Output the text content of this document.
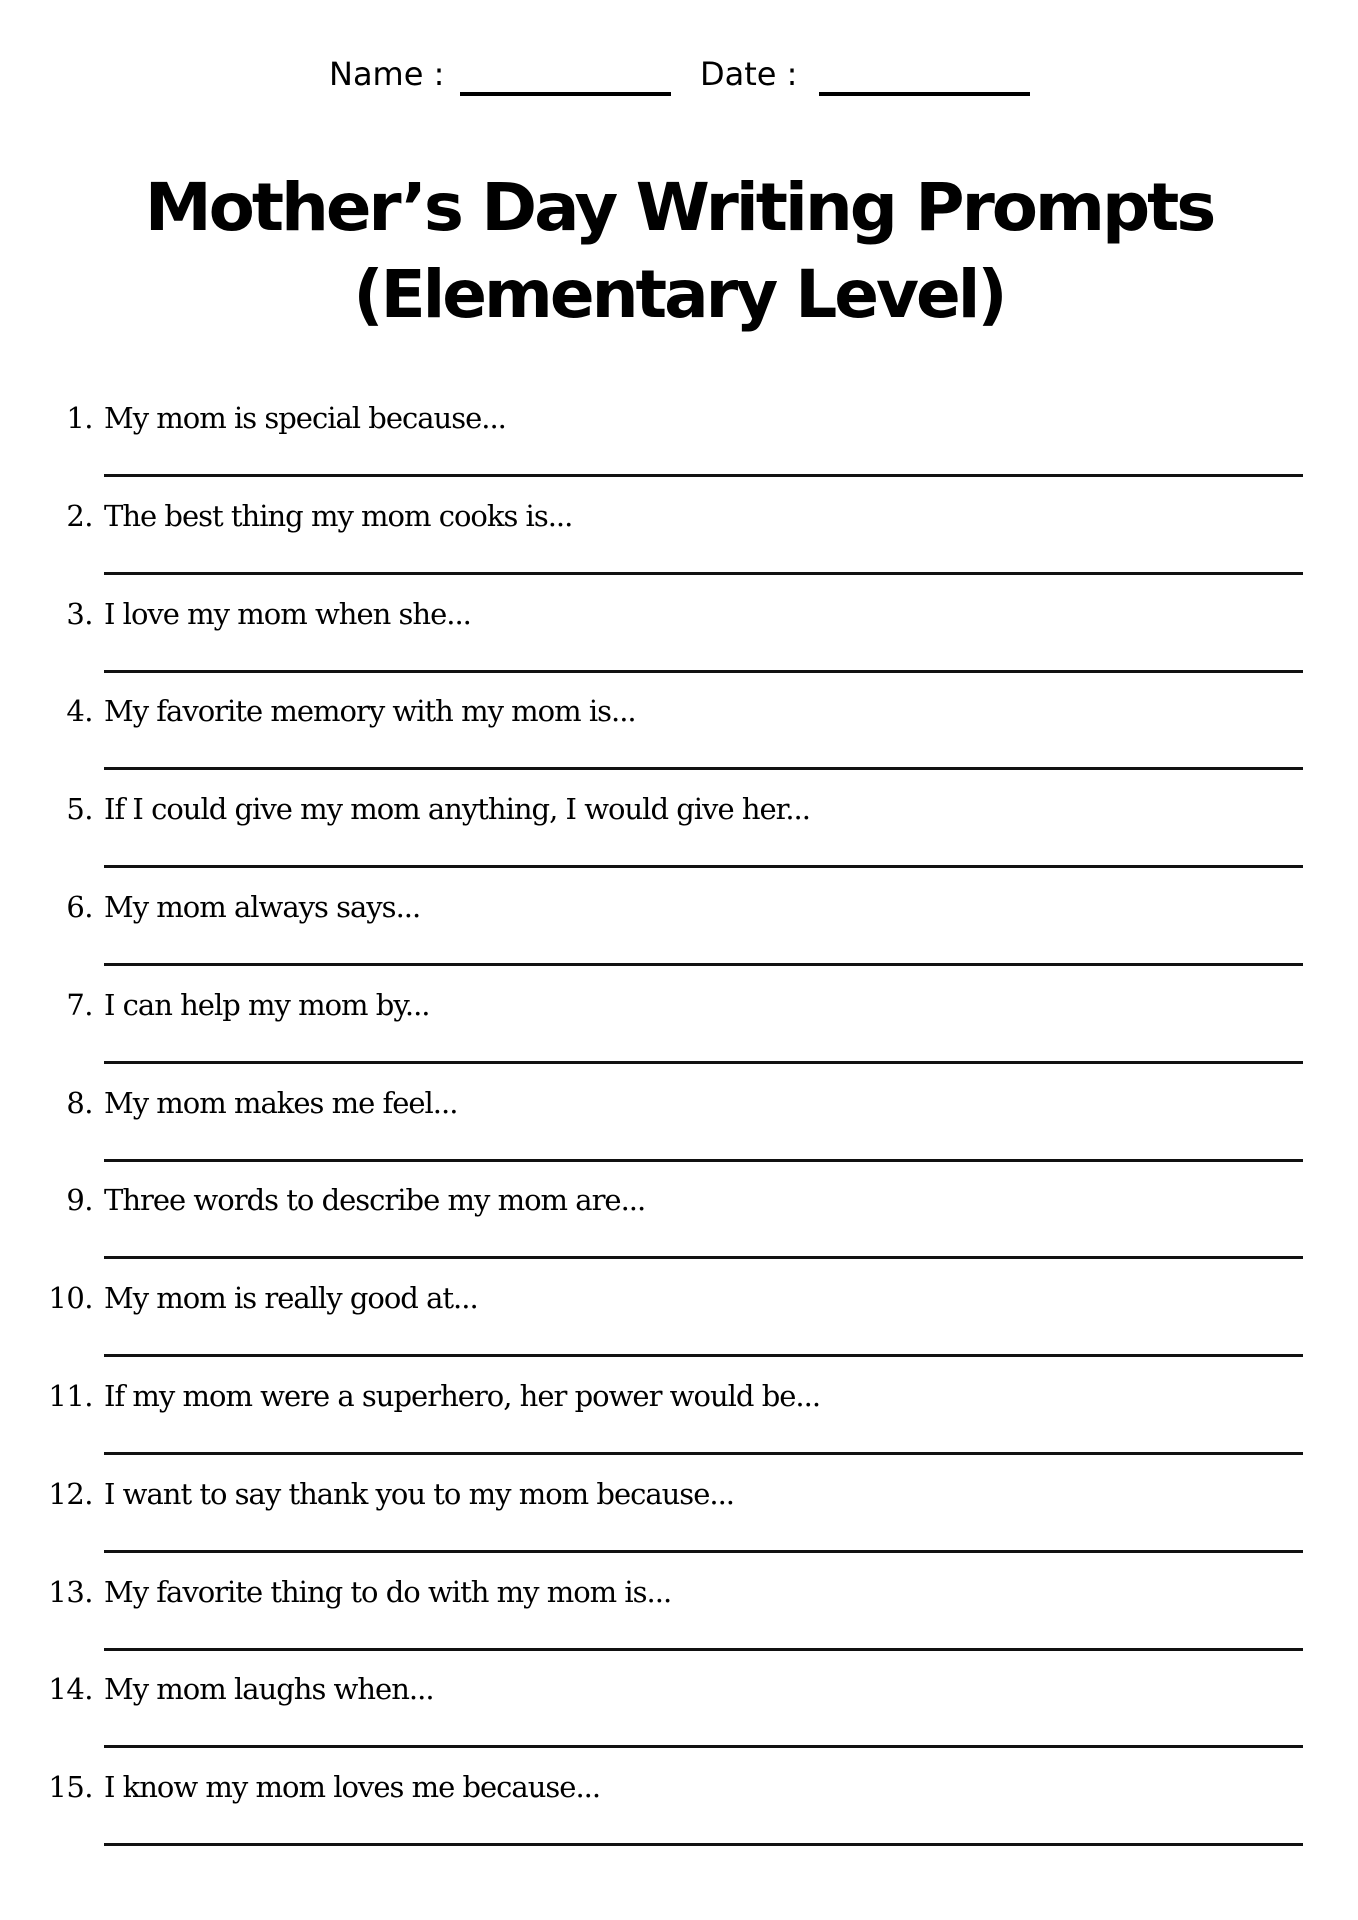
Name :	Date :
Mother’s Day Writing Prompts
(Elementary Level)
1. My mom is special because...
2. The best thing my mom cooks is...
3. I love my mom when she...
4. My favorite memory with my mom is...
5. If I could give my mom anything, I would give her...
6. My mom always says...
7. I can help my mom by...
8. My mom makes me feel...
9. Three words to describe my mom are...
10. My mom is really good at...
11. If my mom were a superhero, her power would be...
12. I want to say thank you to my mom because...
13. My favorite thing to do with my mom is...
14. My mom laughs when...
15. I know my mom loves me because...
